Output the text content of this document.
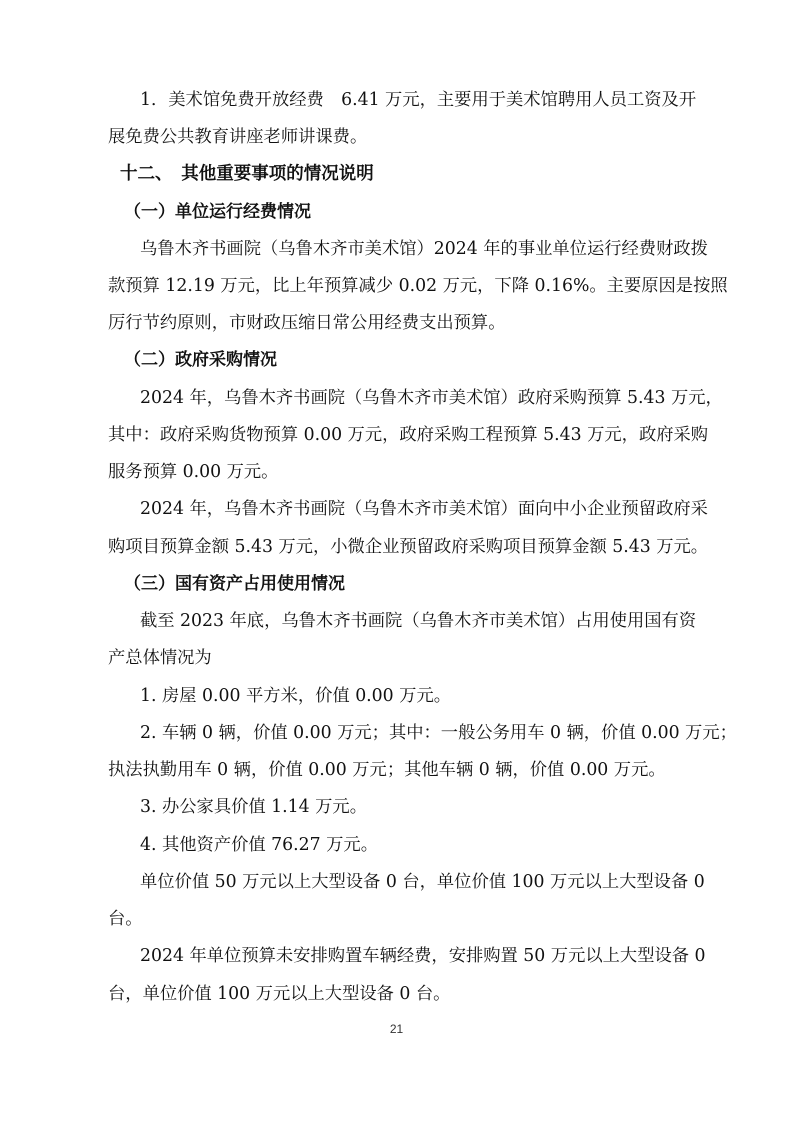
1．美术馆免费开放经费　6.41 万元，主要用于美术馆聘用人员工资及开
展免费公共教育讲座老师讲课费。
十二、　其他重要事项的情况说明
（一）单位运行经费情况
乌鲁木齐书画院（乌鲁木齐市美术馆）2024 年的事业单位运行经费财政拨
款预算 12.19 万元，比上年预算减少 0.02 万元，下降 0.16%。主要原因是按照
厉行节约原则，市财政压缩日常公用经费支出预算。
（二）政府采购情况
2024 年，乌鲁木齐书画院（乌鲁木齐市美术馆）政府采购预算 5.43 万元，
其中：政府采购货物预算 0.00 万元，政府采购工程预算 5.43 万元，政府采购
服务预算 0.00 万元。
2024 年，乌鲁木齐书画院（乌鲁木齐市美术馆）面向中小企业预留政府采
购项目预算金额 5.43 万元，小微企业预留政府采购项目预算金额 5.43 万元。
（三）国有资产占用使用情况
截至 2023 年底，乌鲁木齐书画院（乌鲁木齐市美术馆）占用使用国有资
产总体情况为
1. 房屋 0.00 平方米，价值 0.00 万元。
2. 车辆 0 辆，价值 0.00 万元；其中：一般公务用车 0 辆，价值 0.00 万元；
执法执勤用车 0 辆，价值 0.00 万元；其他车辆 0 辆，价值 0.00 万元。
3. 办公家具价值 1.14 万元。
4. 其他资产价值 76.27 万元。
单位价值 50 万元以上大型设备 0 台，单位价值 100 万元以上大型设备 0
台。
2024 年单位预算未安排购置车辆经费，安排购置 50 万元以上大型设备 0
台，单位价值 100 万元以上大型设备 0 台。
21
